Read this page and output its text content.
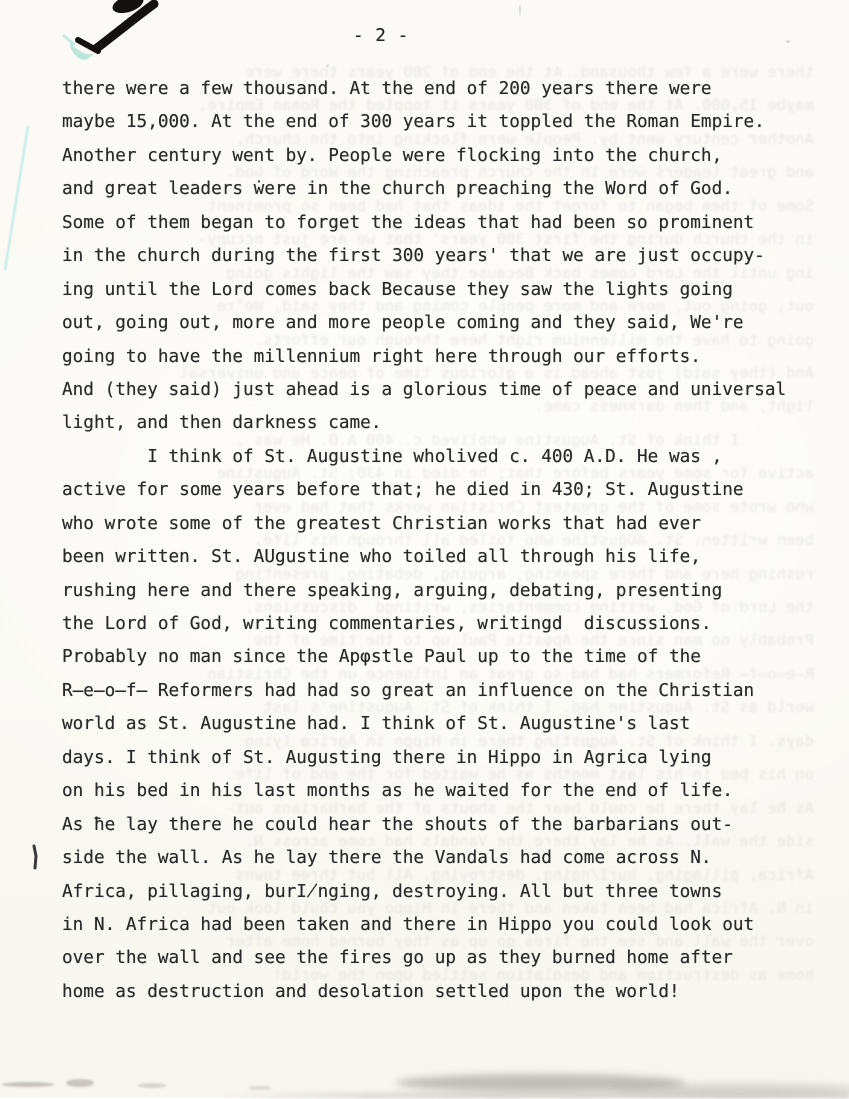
there were a few thousand. At the end of 200 years there were
maybe 15,000. At the end of 300 years it toppled the Roman Empire.
Another century went by. People were flocking into the church,
and great leaders ẇere in the church preaching the Word of God.
Some of them began to forget the ideas that had been so prominent
in the church during the first 300 years' that we are just occupy-
ing until the Lord comes back Because they saw the lights going
out, going out, more and more people coming and they said, We're
going to have the millennium right here through our efforts.
And (they said) just ahead is a glorious time of peace and universal
light, and then darkness came.
I think of St. Augustine wholived c. 400 A.D. He was ,
active for some years before that; he died in 430; St. Augustine
who wrote some of the greatest Christian works that had ever
been written. St. AUgustine who toiled all through his life,
rushing here and there speaking, arguing, debating, presenting
the Lord of God, writing commentaries, writingd  discussions.
Probably no man since the Apφstle Paul up to the time of the
R̶e̶o̶f̶ Reformers had had so great an influence on the Christian
world as St. Augustine had. I think of St. Augustine's last
days. I think of St. Augusting there in Hippo in Agrica lying
on his bed in his last months as he waited for the end of life.
As ħe lay there he could hear the shouts of the barbarians out-
side the wall. As he lay there the Vandals had come across N.
Africa, pillaging, burI̸nging, destroying. All but three towns
in N. Africa had been taken and there in Hippo you could look out
over the wall and see the fires go up as they burned home after
home as destruction and desolation settled upon the world!
- 2 -
there were a few thousand. At the end of 200 years there were
maybe 15,000. At the end of 300 years it toppled the Roman Empire.
Another century went by. People were flocking into the church,
and great leaders ẇere in the church preaching the Word of God.
Some of them began to forget the ideas that had been so prominent
in the church during the first 300 years' that we are just occupy-
ing until the Lord comes back Because they saw the lights going
out, going out, more and more people coming and they said, We're
going to have the millennium right here through our efforts.
And (they said) just ahead is a glorious time of peace and universal
light, and then darkness came.
I think of St. Augustine wholived c. 400 A.D. He was ,
active for some years before that; he died in 430; St. Augustine
who wrote some of the greatest Christian works that had ever
been written. St. AUgustine who toiled all through his life,
rushing here and there speaking, arguing, debating, presenting
the Lord of God, writing commentaries, writingd  discussions.
Probably no man since the Apφstle Paul up to the time of the
R̶e̶o̶f̶ Reformers had had so great an influence on the Christian
world as St. Augustine had. I think of St. Augustine's last
days. I think of St. Augusting there in Hippo in Agrica lying
on his bed in his last months as he waited for the end of life.
As ħe lay there he could hear the shouts of the barbarians out-
side the wall. As he lay there the Vandals had come across N.
Africa, pillaging, burI̸nging, destroying. All but three towns
in N. Africa had been taken and there in Hippo you could look out
over the wall and see the fires go up as they burned home after
home as destruction and desolation settled upon the world!
